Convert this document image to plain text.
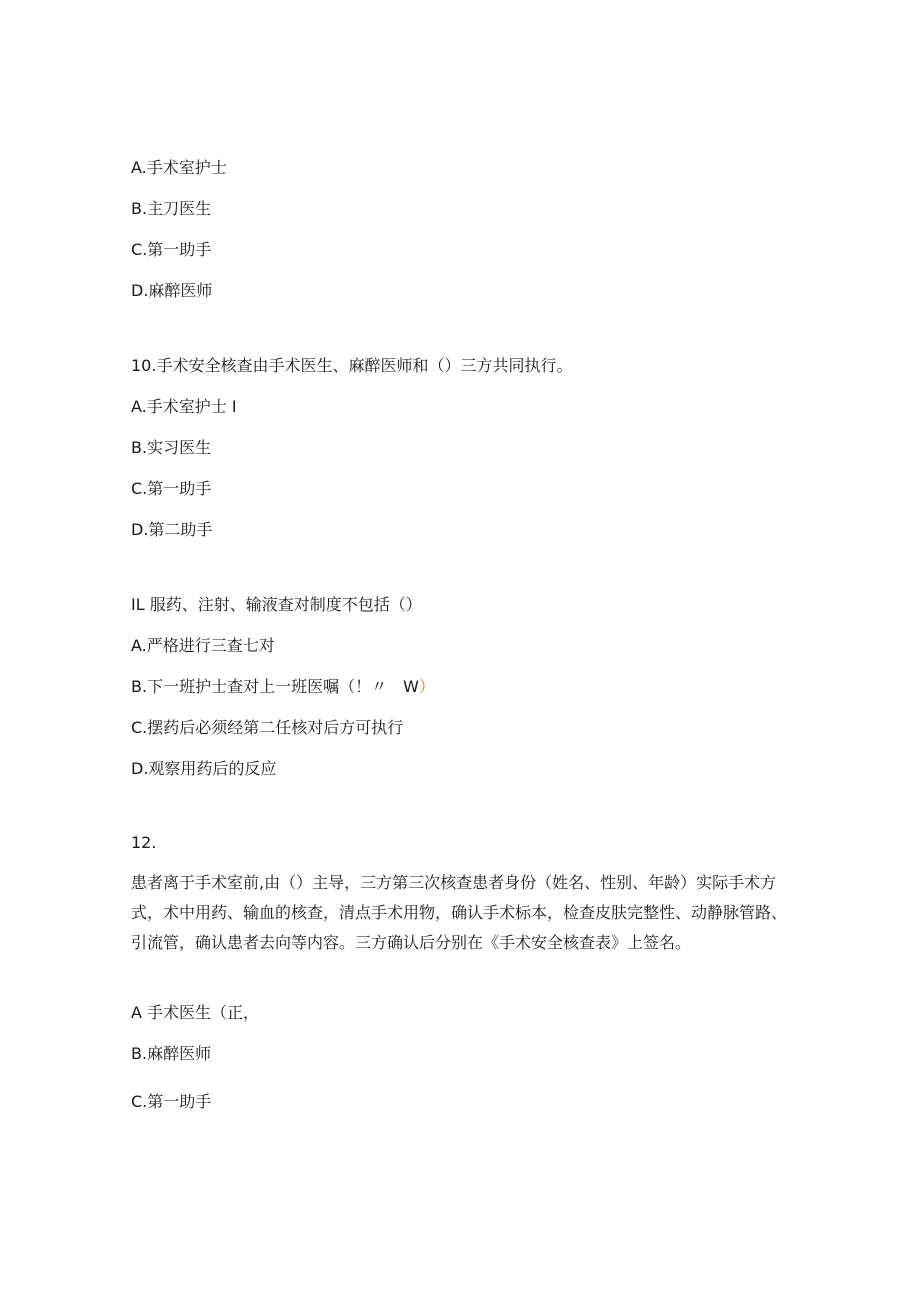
A.手术室护士

B.主刀医生

C.第一助手

D.麻醉医师

10.手术安全核查由手术医生、麻醉医师和（）三方共同执行。

A.手术室护士 I

B.实习医生

C.第一助手

D.第二助手

IL 服药、注射、输液查对制度不包括（）

A.严格进行三查七对

B.下一班护士查对上一班医嘱（！〃　W）

C.摆药后必须经第二任核对后方可执行

D.观察用药后的反应

12.

患者离于手术室前,由（）主导，三方第三次核查患者身份（姓名、性别、年龄）实际手术方式，术中用药、输血的核查，清点手术用物，确认手术标本，检查皮肤完整性、动静脉管路、引流管，确认患者去向等内容。三方确认后分别在《手术安全核查表》上签名。

A 手术医生（正，

B.麻醉医师

C.第一助手
